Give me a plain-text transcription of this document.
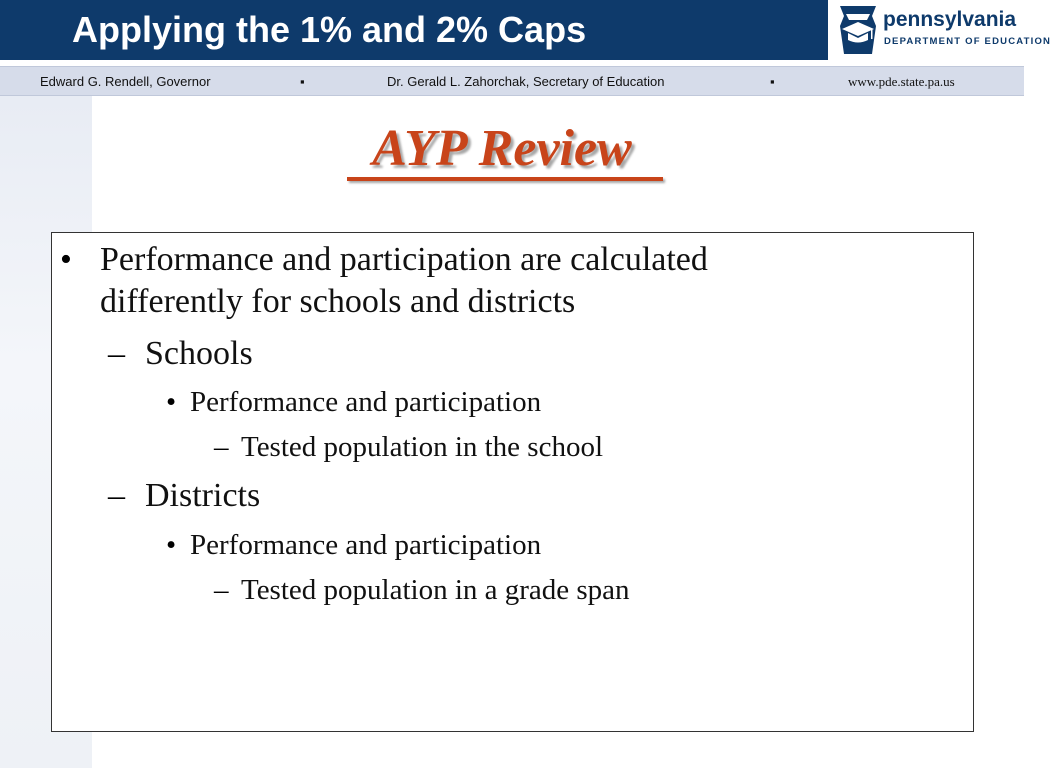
Applying the 1% and 2% Caps	pennsylvania
DEPARTMENT OF EDUCATION
Edward G. Rendell, Governor	▪	Dr. Gerald L. Zahorchak, Secretary of Education	▪	www.pde.state.pa.us
AYP Review
• Performance and participation are calculated
differently for schools and districts
– Schools
• Performance and participation
– Tested population in the school
– Districts
• Performance and participation
– Tested population in a grade span
